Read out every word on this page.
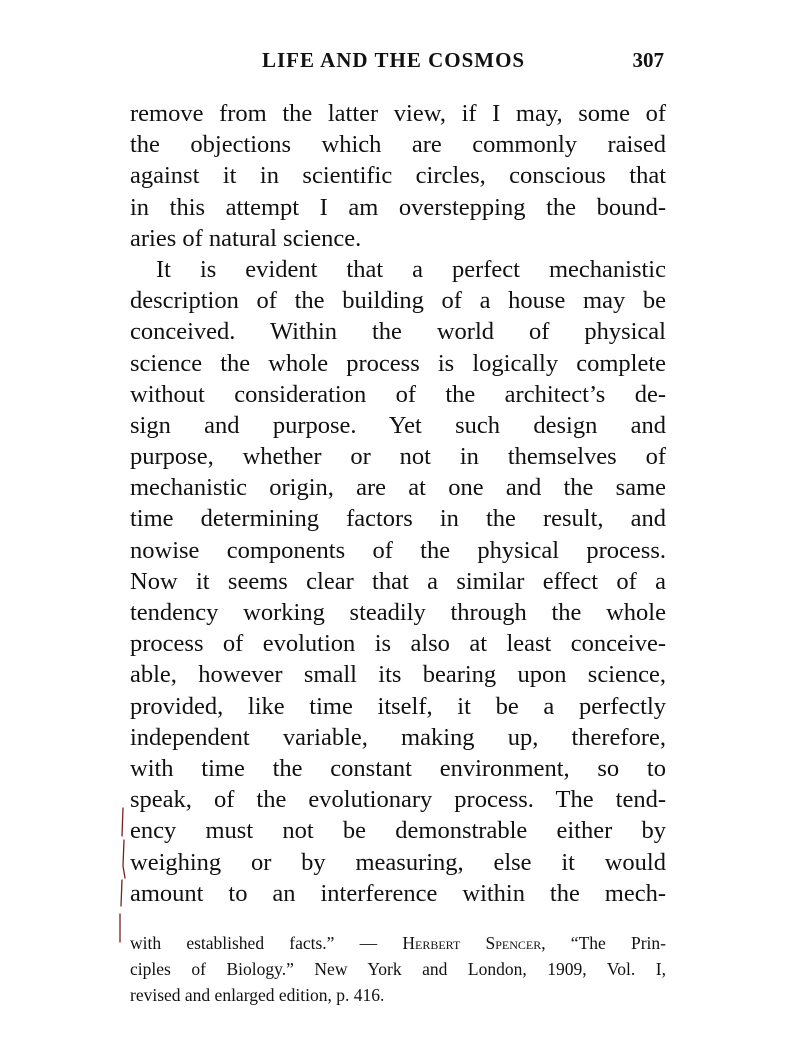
LIFE AND THE COSMOS	307
remove from the latter view, if I may, some of
the objections which are commonly raised
against it in scientific circles, conscious that
in this attempt I am overstepping the bound-
aries of natural science.
It is evident that a perfect mechanistic
description of the building of a house may be
conceived. Within the world of physical
science the whole process is logically complete
without consideration of the architect’s de-
sign and purpose. Yet such design and
purpose, whether or not in themselves of
mechanistic origin, are at one and the same
time determining factors in the result, and
nowise components of the physical process.
Now it seems clear that a similar effect of a
tendency working steadily through the whole
process of evolution is also at least conceive-
able, however small its bearing upon science,
provided, like time itself, it be a perfectly
independent variable, making up, therefore,
with time the constant environment, so to
speak, of the evolutionary process. The tend-
ency must not be demonstrable either by
weighing or by measuring, else it would
amount to an interference within the mech-
with established facts.” — Herbert Spencer, “The Prin-
ciples of Biology.” New York and London, 1909, Vol. I,
revised and enlarged edition, p. 416.
